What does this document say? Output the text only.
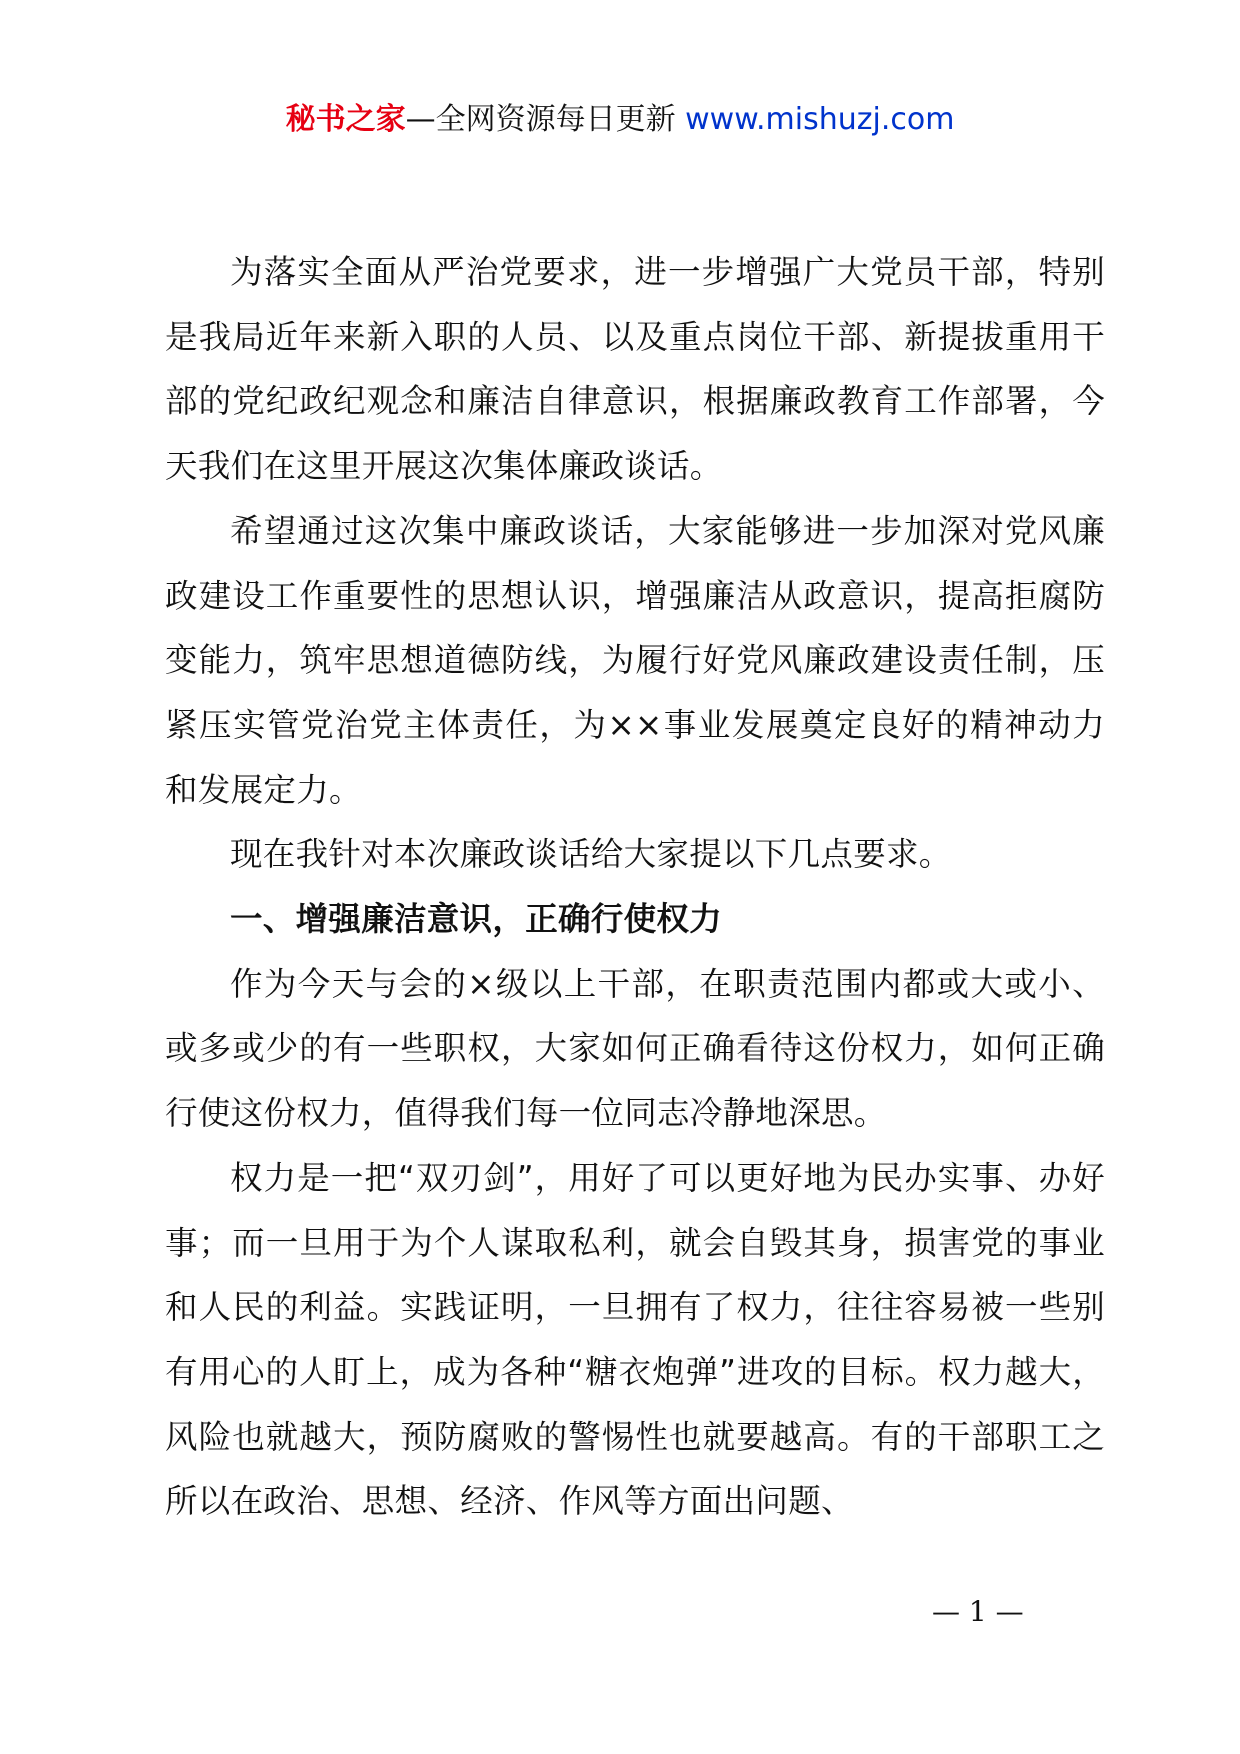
秘书之家—全网资源每日更新 www.mishuzj.com

为落实全面从严治党要求，进一步增强广大党员干部，特别是我局近年来新入职的人员、以及重点岗位干部、新提拔重用干部的党纪政纪观念和廉洁自律意识，根据廉政教育工作部署，今天我们在这里开展这次集体廉政谈话。

希望通过这次集中廉政谈话，大家能够进一步加深对党风廉政建设工作重要性的思想认识，增强廉洁从政意识，提高拒腐防变能力，筑牢思想道德防线，为履行好党风廉政建设责任制，压紧压实管党治党主体责任，为××事业发展奠定良好的精神动力和发展定力。

现在我针对本次廉政谈话给大家提以下几点要求。

一、增强廉洁意识，正确行使权力

作为今天与会的×级以上干部，在职责范围内都或大或小、或多或少的有一些职权，大家如何正确看待这份权力，如何正确行使这份权力，值得我们每一位同志冷静地深思。

权力是一把“双刃剑”，用好了可以更好地为民办实事、办好事；而一旦用于为个人谋取私利，就会自毁其身，损害党的事业和人民的利益。实践证明，一旦拥有了权力，往往容易被一些别有用心的人盯上，成为各种“糖衣炮弹”进攻的目标。权力越大，风险也就越大，预防腐败的警惕性也就要越高。有的干部职工之所以在政治、思想、经济、作风等方面出问题、

— 1 —
